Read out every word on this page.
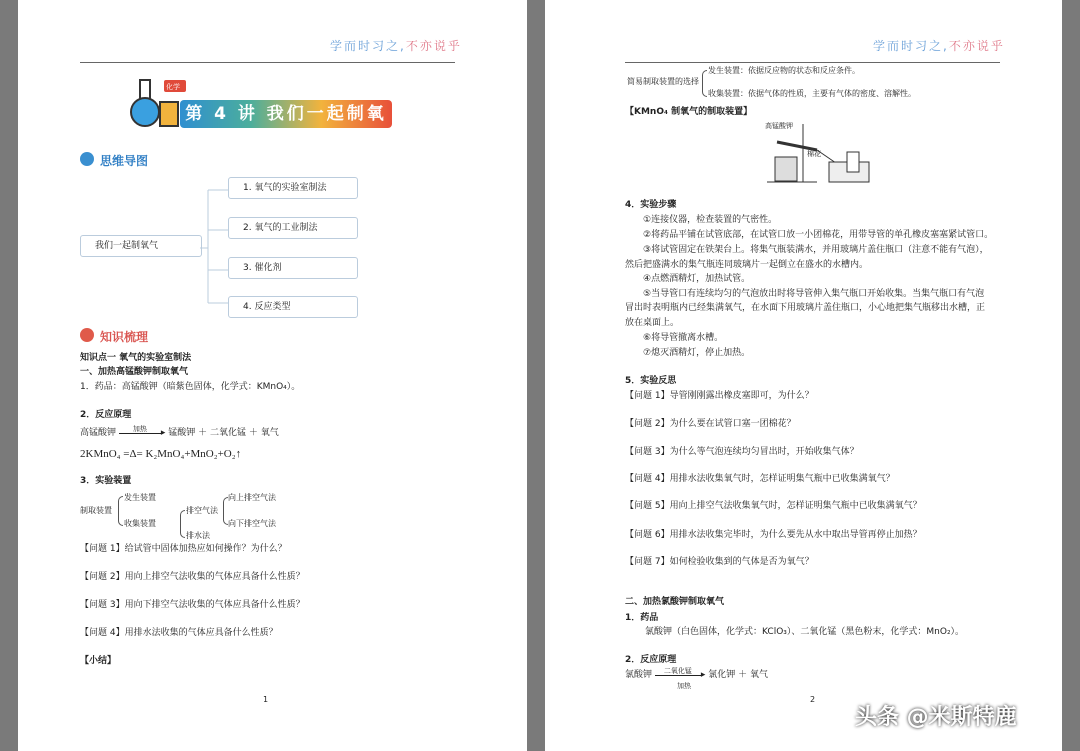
学而时习之,不亦说乎
化学
第 4 讲 我们一起制氧气
思维导图
我们一起制氧气
1. 氧气的实验室制法
2. 氧气的工业制法
3. 催化剂
4. 反应类型
知识梳理
知识点一 氧气的实验室制法
一、加热高锰酸钾制取氧气
1．药品：高锰酸钾（暗紫色固体，化学式：KMnO₄）。
2．反应原理
高锰酸钾 加热 ▸ 锰酸钾 ＋ 二氧化锰 ＋ 氧气
2KMnO₄ =Δ= K₂MnO₄+MnO₂+O₂↑
3．实验装置
制取装置
发生装置
收集装置
排空气法
排水法
向上排空气法
向下排空气法
【问题 1】给试管中固体加热应如何操作？为什么？
【问题 2】用向上排空气法收集的气体应具备什么性质？
【问题 3】用向下排空气法收集的气体应具备什么性质？
【问题 4】用排水法收集的气体应具备什么性质？
【小结】
1
学而时习之,不亦说乎
简易制取装置的选择
发生装置：依据反应物的状态和反应条件。
收集装置：依据气体的性质，主要有气体的密度、溶解性。
【KMnO₄ 制氧气的制取装置】
高锰酸钾
棉花
4．实验步骤
①连接仪器，检查装置的气密性。
②将药品平铺在试管底部，在试管口放一小团棉花，用带导管的单孔橡皮塞塞紧试管口。
③将试管固定在铁架台上。将集气瓶装满水，并用玻璃片盖住瓶口（注意不能有气泡），
然后把盛满水的集气瓶连同玻璃片一起倒立在盛水的水槽内。
④点燃酒精灯，加热试管。
⑤当导管口有连续均匀的气泡放出时将导管伸入集气瓶口开始收集。当集气瓶口有气泡
冒出时表明瓶内已经集满氧气，在水面下用玻璃片盖住瓶口，小心地把集气瓶移出水槽，正
放在桌面上。
⑥将导管撤离水槽。
⑦熄灭酒精灯，停止加热。
5．实验反思
【问题 1】导管刚刚露出橡皮塞即可，为什么？
【问题 2】为什么要在试管口塞一团棉花？
【问题 3】为什么等气泡连续均匀冒出时，开始收集气体？
【问题 4】用排水法收集氧气时，怎样证明集气瓶中已收集满氧气？
【问题 5】用向上排空气法收集氧气时，怎样证明集气瓶中已收集满氧气？
【问题 6】用排水法收集完毕时，为什么要先从水中取出导管再停止加热？
【问题 7】如何检验收集到的气体是否为氧气？
二、加热氯酸钾制取氧气
1．药品
氯酸钾（白色固体，化学式：KClO₃）、二氧化锰（黑色粉末，化学式：MnO₂）。
2．反应原理
氯酸钾 二氧化锰 ▸ 氯化钾 ＋ 氧气
加热
2
头条 @米斯特鹿
